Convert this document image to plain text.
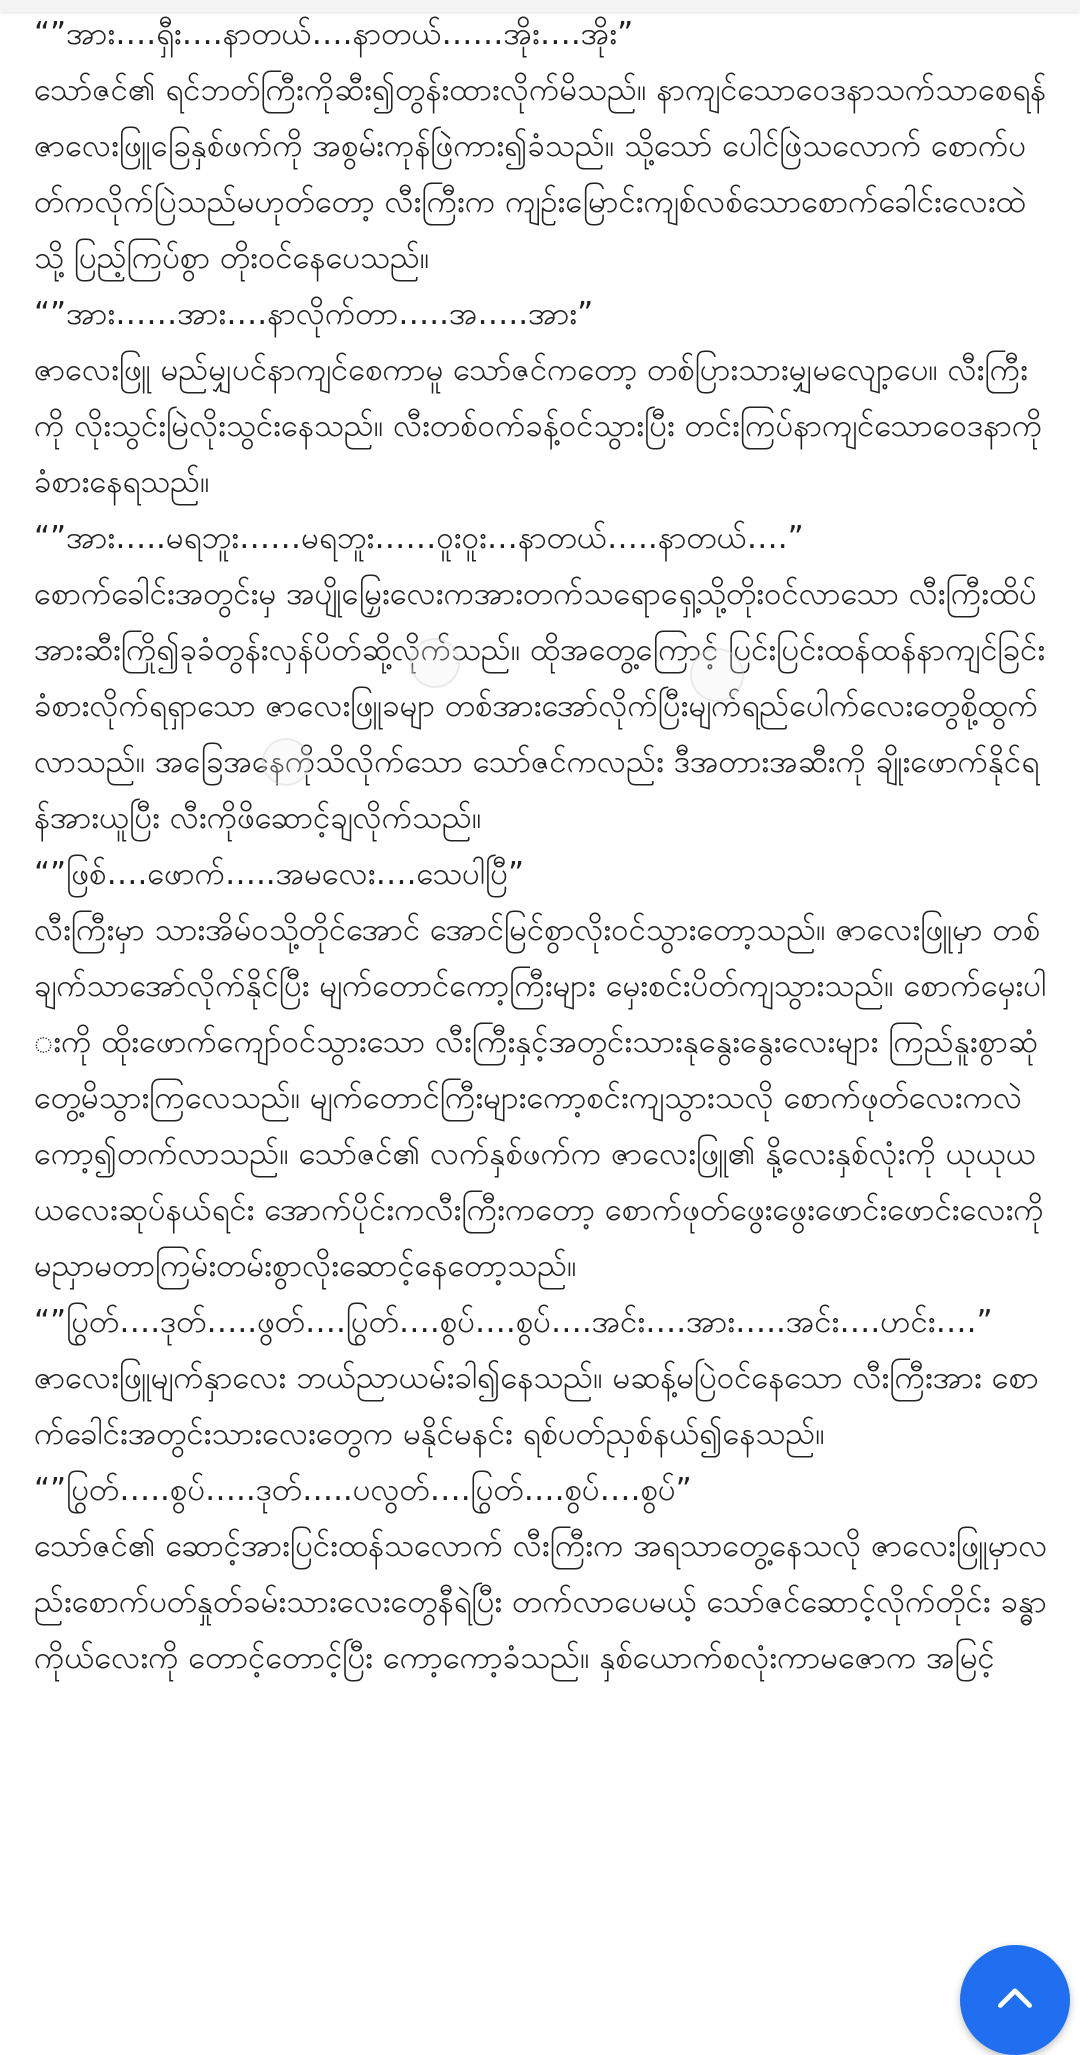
“”အား….ရှီး….နာတယ်….နာတယ်……အိုး….အိုး”

သော်ဇင်၏ ရင်ဘတ်ကြီးကိုဆီး၍တွန်းထားလိုက်မိသည်။ နာကျင်သောဝေဒနာသက်သာစေရန် ဇာလေးဖြူခြေနှစ်ဖက်ကို အစွမ်းကုန်ဖြဲကား၍ခံသည်။ သို့သော် ပေါင်ဖြဲသလောက် စောက်ပတ်ကလိုက်ပြဲသည်မဟုတ်တော့ လီးကြီးက ကျဉ်းမြောင်းကျစ်လစ်သောစောက်ခေါင်းလေးထဲသို့ ပြည့်ကြပ်စွာ တိုးဝင်နေပေသည်။

“”အား……အား….နာလိုက်တာ…..အ…..အား”

ဇာလေးဖြူ မည်မျှပင်နာကျင်စေကာမူ သော်ဇင်ကတော့ တစ်ပြားသားမျှမလျော့ပေ။ လီးကြီးကို လိုးသွင်းမြဲလိုးသွင်းနေသည်။ လီးတစ်ဝက်ခန့်ဝင်သွားပြီး တင်းကြပ်နာကျင်သောဝေဒနာကိုခံစားနေရသည်။

“”အား…..မရဘူး……မရဘူး……ဝူးဝူး…နာတယ်…..နာတယ်….”

စောက်ခေါင်းအတွင်းမှ အပျိုမြှေးလေးကအားတက်သရောရှေ့သို့တိုးဝင်လာသော လီးကြီးထိပ်အားဆီးကြို၍ခုခံတွန်းလှန်ပိတ်ဆို့လိုက်သည်။ ထိုအတွေ့ကြောင့် ပြင်းပြင်းထန်ထန်နာကျင်ခြင်းခံစားလိုက်ရရှာသော ဇာလေးဖြူခမျာ တစ်အားအော်လိုက်ပြီးမျက်ရည်ပေါက်လေးတွေစို့ထွက်လာသည်။ အခြေအနေကိုသိလိုက်သော သော်ဇင်ကလည်း ဒီအတားအဆီးကို ချိုးဖောက်နိုင်ရန်အားယူပြီး လီးကိုဖိဆောင့်ချလိုက်သည်။

“”ဖြစ်….ဖောက်…..အမလေး….သေပါပြီ”

လီးကြီးမှာ သားအိမ်ဝသို့တိုင်အောင် အောင်မြင်စွာလိုးဝင်သွားတော့သည်။ ဇာလေးဖြူမှာ တစ်ချက်သာအော်လိုက်နိုင်ပြီး မျက်တောင်ကော့ကြီးများ မှေးစင်းပိတ်ကျသွားသည်။ စောက်မှေးပါးကို ထိုးဖောက်ကျော်ဝင်သွားသော လီးကြီးနှင့်အတွင်းသားနုနွေးနွေးလေးများ ကြည်နူးစွာဆုံတွေ့မိသွားကြလေသည်။ မျက်တောင်ကြီးများကော့စင်းကျသွားသလို စောက်ဖုတ်လေးကလဲ ကော့၍တက်လာသည်။ သော်ဇင်၏ လက်နှစ်ဖက်က ဇာလေးဖြူ၏ နို့လေးနှစ်လုံးကို ယုယုယယလေးဆုပ်နယ်ရင်း အောက်ပိုင်းကလီးကြီးကတော့ စောက်ဖုတ်ဖွေးဖွေးဖောင်းဖောင်းလေးကို မညှာမတာကြမ်းတမ်းစွာလိုးဆောင့်နေတော့သည်။

“”ပြွတ်….ဒုတ်…..ဖွတ်….ပြွတ်….စွပ်….စွပ်….အင်း….အား…..အင်း….ဟင်း….”

ဇာလေးဖြူမျက်နှာလေး ဘယ်ညာယမ်းခါ၍နေသည်။ မဆန့်မပြဲဝင်နေသော လီးကြီးအား စောက်ခေါင်းအတွင်းသားလေးတွေက မနိုင်မနင်း ရစ်ပတ်ညှစ်နယ်၍နေသည်။

“”ပြွတ်…..စွပ်…..ဒုတ်…..ပလွတ်….ပြွတ်….စွပ်….စွပ်”

သော်ဇင်၏ ဆောင့်အားပြင်းထန်သလောက် လီးကြီးက အရသာတွေ့နေသလို ဇာလေးဖြူမှာလည်းစောက်ပတ်နှုတ်ခမ်းသားလေးတွေနီရဲပြီး တက်လာပေမယ့် သော်ဇင်ဆောင့်လိုက်တိုင်း ခန္ဓာကိုယ်လေးကို တောင့်တောင့်ပြီး ကော့ကော့ခံသည်။ နှစ်ယောက်စလုံးကာမဇောက အမြင့်
